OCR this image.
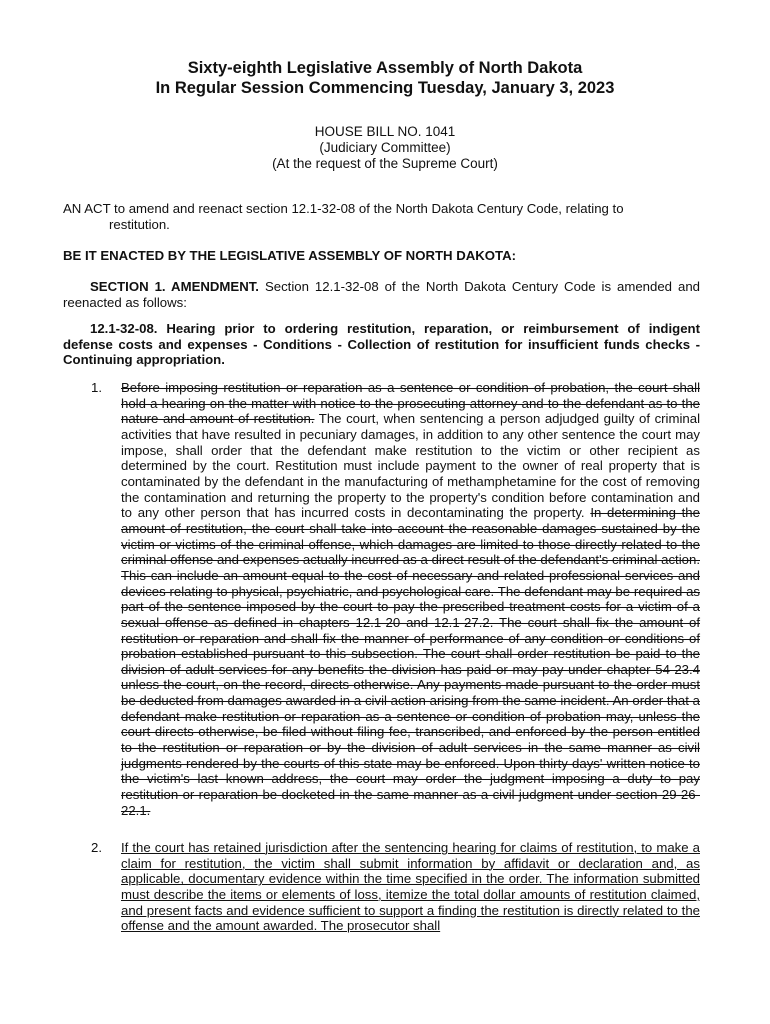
Sixty-eighth Legislative Assembly of North Dakota
In Regular Session Commencing Tuesday, January 3, 2023
HOUSE BILL NO. 1041
(Judiciary Committee)
(At the request of the Supreme Court)
AN ACT to amend and reenact section 12.1-32-08 of the North Dakota Century Code, relating to
restitution.
BE IT ENACTED BY THE LEGISLATIVE ASSEMBLY OF NORTH DAKOTA:
SECTION 1. AMENDMENT. Section 12.1-32-08 of the North Dakota Century Code is amended and reenacted as follows:
12.1-32-08. Hearing prior to ordering restitution, reparation, or reimbursement of indigent defense costs and expenses - Conditions - Collection of restitution for insufficient funds checks - Continuing appropriation.
1. Before imposing restitution or reparation as a sentence or condition of probation, the court shall hold a hearing on the matter with notice to the prosecuting attorney and to the defendant as to the nature and amount of restitution. The court, when sentencing a person adjudged guilty of criminal activities that have resulted in pecuniary damages, in addition to any other sentence the court may impose, shall order that the defendant make restitution to the victim or other recipient as determined by the court. Restitution must include payment to the owner of real property that is contaminated by the defendant in the manufacturing of methamphetamine for the cost of removing the contamination and returning the property to the property's condition before contamination and to any other person that has incurred costs in decontaminating the property. In determining the amount of restitution, the court shall take into account the reasonable damages sustained by the victim or victims of the criminal offense, which damages are limited to those directly related to the criminal offense and expenses actually incurred as a direct result of the defendant's criminal action. This can include an amount equal to the cost of necessary and related professional services and devices relating to physical, psychiatric, and psychological care. The defendant may be required as part of the sentence imposed by the court to pay the prescribed treatment costs for a victim of a sexual offense as defined in chapters 12.1-20 and 12.1-27.2. The court shall fix the amount of restitution or reparation and shall fix the manner of performance of any condition or conditions of probation established pursuant to this subsection. The court shall order restitution be paid to the division of adult services for any benefits the division has paid or may pay under chapter 54-23.4 unless the court, on the record, directs otherwise. Any payments made pursuant to the order must be deducted from damages awarded in a civil action arising from the same incident. An order that a defendant make restitution or reparation as a sentence or condition of probation may, unless the court directs otherwise, be filed without filing fee, transcribed, and enforced by the person entitled to the restitution or reparation or by the division of adult services in the same manner as civil judgments rendered by the courts of this state may be enforced. Upon thirty days' written notice to the victim's last known address, the court may order the judgment imposing a duty to pay restitution or reparation be docketed in the same manner as a civil judgment under section 29-26-22.1.
2. If the court has retained jurisdiction after the sentencing hearing for claims of restitution, to make a claim for restitution, the victim shall submit information by affidavit or declaration and, as applicable, documentary evidence within the time specified in the order. The information submitted must describe the items or elements of loss, itemize the total dollar amounts of restitution claimed, and present facts and evidence sufficient to support a finding the restitution is directly related to the offense and the amount awarded. The prosecutor shall
